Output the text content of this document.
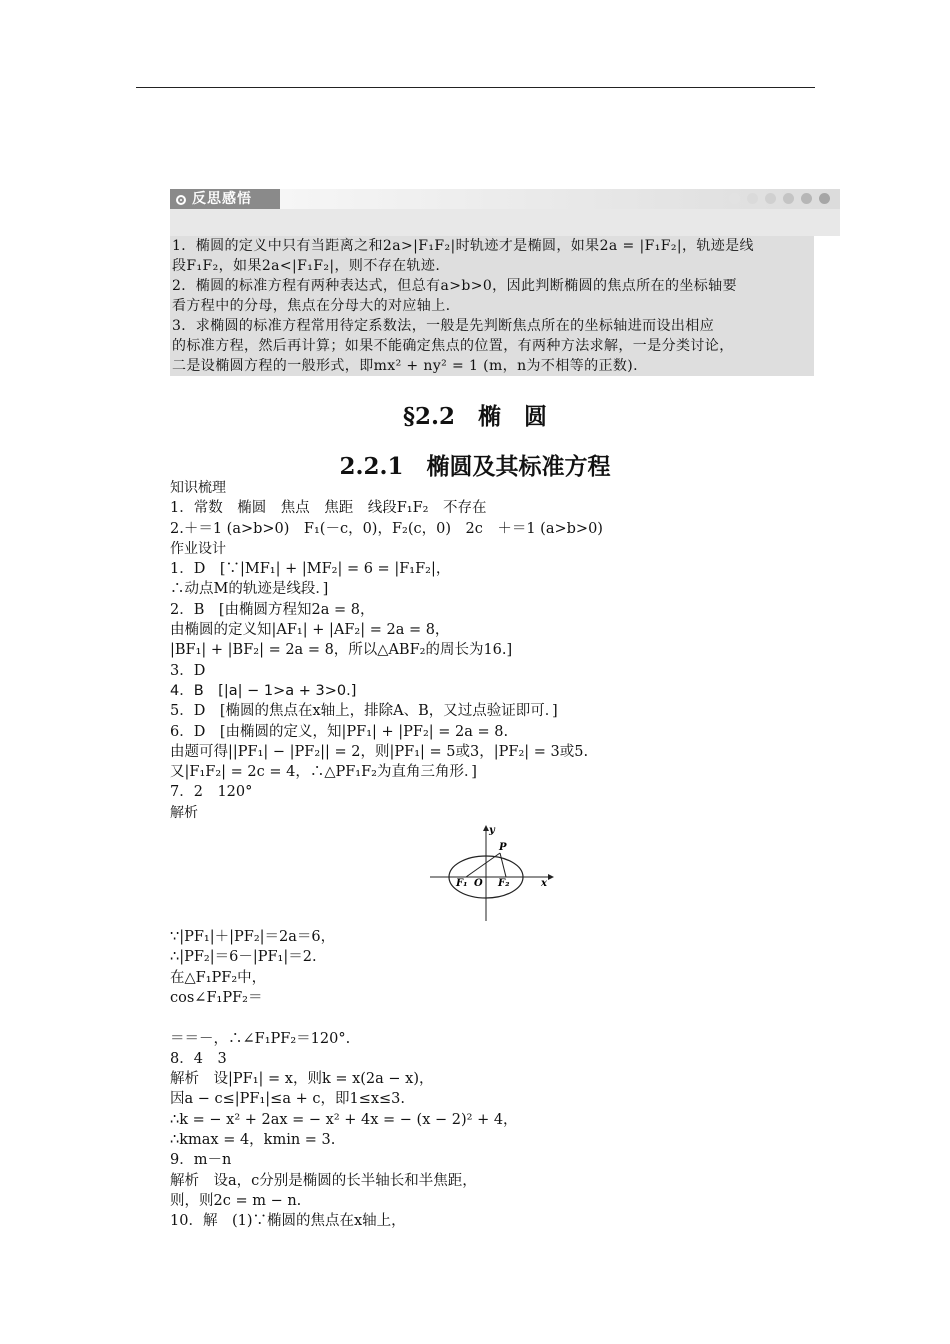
反思感悟

1．椭圆的定义中只有当距离之和2a>|F₁F₂|时轨迹才是椭圆，如果2a = |F₁F₂|，轨迹是线

段F₁F₂，如果2a<|F₁F₂|，则不存在轨迹.

2．椭圆的标准方程有两种表达式，但总有a>b>0，因此判断椭圆的焦点所在的坐标轴要

看方程中的分母，焦点在分母大的对应轴上.

3．求椭圆的标准方程常用待定系数法，一般是先判断焦点所在的坐标轴进而设出相应

的标准方程，然后再计算；如果不能确定焦点的位置，有两种方法求解，一是分类讨论，

二是设椭圆方程的一般形式，即mx² + ny² = 1 (m，n为不相等的正数).

§2.2　椭　圆
2.2.1　椭圆及其标准方程
知识梳理
1．常数　椭圆　焦点　焦距　线段F₁F₂　不存在
2.＋＝1 (a>b>0)　F₁(－c，0)，F₂(c，0)　2c　＋＝1 (a>b>0)
作业设计
1．D　[∵|MF₁| + |MF₂| = 6 = |F₁F₂|，
∴动点M的轨迹是线段．]
2．B　[由椭圆方程知2a = 8，
由椭圆的定义知|AF₁| + |AF₂| = 2a = 8，
|BF₁| + |BF₂| = 2a = 8，所以△ABF₂的周长为16.]
3．D
4．B　[|a| − 1>a + 3>0.]
5．D　[椭圆的焦点在x轴上，排除A、B，又过点验证即可．]
6．D　[由椭圆的定义，知|PF₁| + |PF₂| = 2a = 8.
由题可得||PF₁| − |PF₂|| = 2，则|PF₁| = 5或3，|PF₂| = 3或5.
又|F₁F₂| = 2c = 4，∴△PF₁F₂为直角三角形．]
7．2　120°
解析
y
P
F₁ O F₂	x
∵|PF₁|＋|PF₂|＝2a＝6，
∴|PF₂|＝6－|PF₁|＝2.
在△F₁PF₂中，
cos∠F₁PF₂＝
＝＝－，∴∠F₁PF₂＝120°.
8．4　3
解析　设|PF₁| = x，则k = x(2a − x)，
因a − c≤|PF₁|≤a + c，即1≤x≤3.
∴k = − x² + 2ax = − x² + 4x = − (x − 2)² + 4，
∴kmax = 4，kmin = 3.
9．m－n
解析　设a，c分别是椭圆的长半轴长和半焦距，
则，则2c = m − n.
10．解　(1)∵椭圆的焦点在x轴上，
